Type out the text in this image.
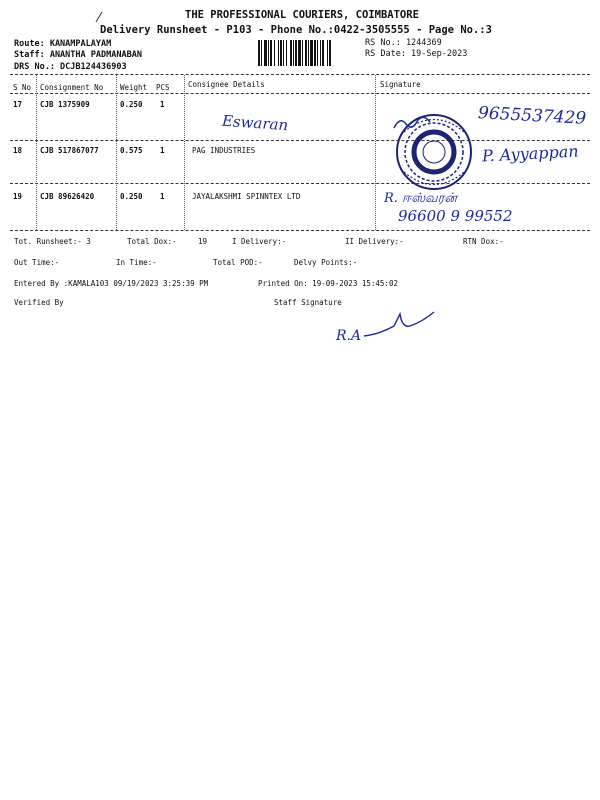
THE PROFESSIONAL COURIERS, COIMBATORE
Delivery Runsheet - P103 - Phone No.:0422-3505555 - Page No.:3
Route: KANAMPALAYAM
Staff: ANANTHA PADMANABAN
DRS No.: DCJB124436903
RS No.: 1244369
RS Date: 19-Sep-2023
S No Consignment No Weight PCS Consignee Details	Signature
17 CJB 1375909	0.250 1
18 CJB 517867077	0.575 1	PAG INDUSTRIES
19 CJB 89626420	0.250 1	JAYALAKSHMI SPINNTEX LTD
Eswaran	9655537429
P. Ayyappan
R. ஈஸ்வரன்
96600 9 99552
Tot. Runsheet:- 3	Total Dox:-	19	I Delivery:-	II Delivery:-	RTN Dox:-
Out Time:-	In Time:-	Total POD:-	Delvy Points:-
Entered By :KAMALA103 09/19/2023 3:25:39 PM	Printed On: 19-09-2023 15:45:02
Verified By	Staff Signature
R.A
